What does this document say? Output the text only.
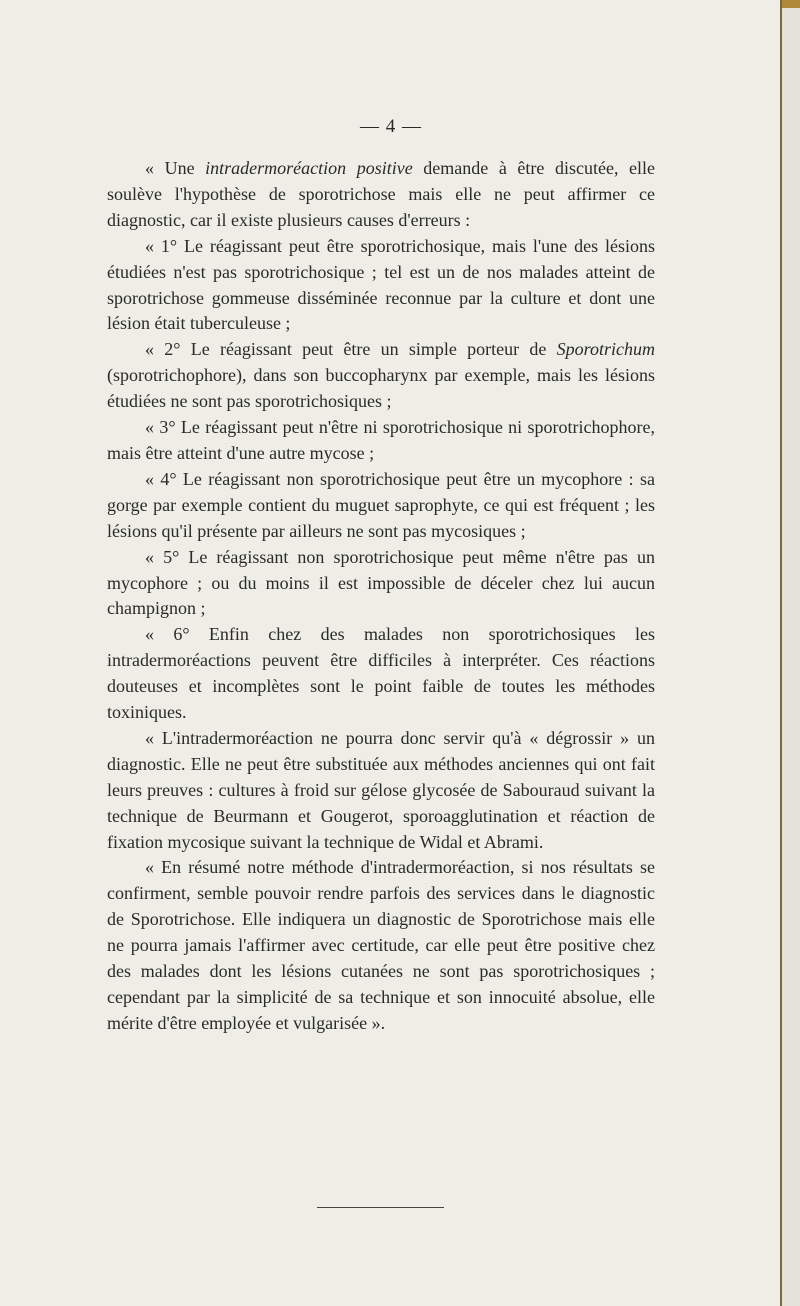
— 4 —

« Une intradermoréaction positive demande à être discutée, elle soulève l'hypothèse de sporotrichose mais elle ne peut affirmer ce diagnostic, car il existe plusieurs causes d'erreurs :

« 1° Le réagissant peut être sporotrichosique, mais l'une des lésions étudiées n'est pas sporotrichosique ; tel est un de nos malades atteint de sporotrichose gommeuse disséminée reconnue par la culture et dont une lésion était tuberculeuse ;

« 2° Le réagissant peut être un simple porteur de Sporotrichum (sporotrichophore), dans son buccopharynx par exemple, mais les lésions étudiées ne sont pas sporotrichosiques ;

« 3° Le réagissant peut n'être ni sporotrichosique ni sporotrichophore, mais être atteint d'une autre mycose ;

« 4° Le réagissant non sporotrichosique peut être un mycophore : sa gorge par exemple contient du muguet saprophyte, ce qui est fréquent ; les lésions qu'il présente par ailleurs ne sont pas mycosiques ;

« 5° Le réagissant non sporotrichosique peut même n'être pas un mycophore ; ou du moins il est impossible de déceler chez lui aucun champignon ;

« 6° Enfin chez des malades non sporotrichosiques les intradermoréactions peuvent être difficiles à interpréter. Ces réactions douteuses et incomplètes sont le point faible de toutes les méthodes toxiniques.

« L'intradermoréaction ne pourra donc servir qu'à « dégrossir » un diagnostic. Elle ne peut être substituée aux méthodes anciennes qui ont fait leurs preuves : cultures à froid sur gélose glycosée de Sabouraud suivant la technique de Beurmann et Gougerot, sporoagglutination et réaction de fixation mycosique suivant la technique de Widal et Abrami.

« En résumé notre méthode d'intradermoréaction, si nos résultats se confirment, semble pouvoir rendre parfois des services dans le diagnostic de Sporotrichose. Elle indiquera un diagnostic de Sporotrichose mais elle ne pourra jamais l'affirmer avec certitude, car elle peut être positive chez des malades dont les lésions cutanées ne sont pas sporotrichosiques ; cependant par la simplicité de sa technique et son innocuité absolue, elle mérite d'être employée et vulgarisée ».
